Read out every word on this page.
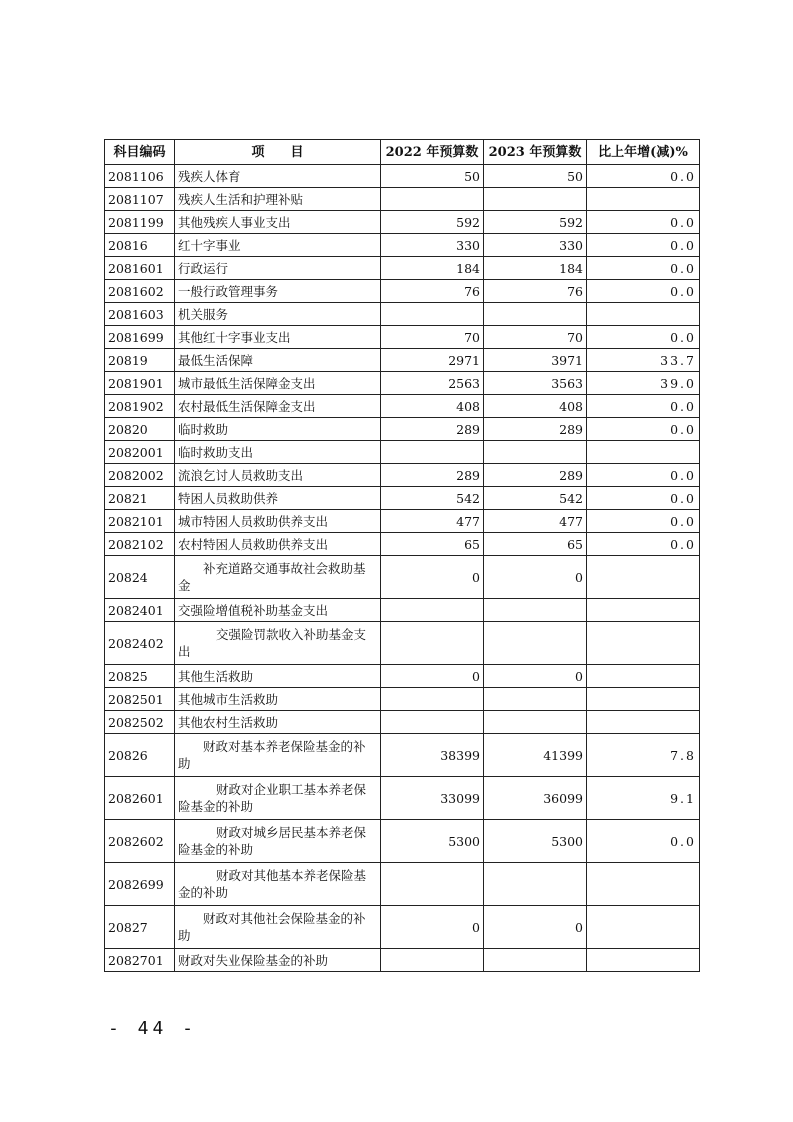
科目编码	项　　目	2022 年预算数	2023 年预算数	比上年增(减)%
2081106	残疾人体育	50	50	0.0
2081107	残疾人生活和护理补贴			
2081199	其他残疾人事业支出	592	592	0.0
20816	红十字事业	330	330	0.0
2081601	行政运行	184	184	0.0
2081602	一般行政管理事务	76	76	0.0
2081603	机关服务			
2081699	其他红十字事业支出	70	70	0.0
20819	最低生活保障	2971	3971	33.7
2081901	城市最低生活保障金支出	2563	3563	39.0
2081902	农村最低生活保障金支出	408	408	0.0
20820	临时救助	289	289	0.0
2082001	临时救助支出			
2082002	流浪乞讨人员救助支出	289	289	0.0
20821	特困人员救助供养	542	542	0.0
2082101	城市特困人员救助供养支出	477	477	0.0
2082102	农村特困人员救助供养支出	65	65	0.0
20824	补充道路交通事故社会救助基金	0	0	
2082401	交强险增值税补助基金支出			
2082402	交强险罚款收入补助基金支出			
20825	其他生活救助	0	0	
2082501	其他城市生活救助			
2082502	其他农村生活救助			
20826	财政对基本养老保险基金的补助	38399	41399	7.8
2082601	财政对企业职工基本养老保险基金的补助	33099	36099	9.1
2082602	财政对城乡居民基本养老保险基金的补助	5300	5300	0.0
2082699	财政对其他基本养老保险基金的补助			
20827	财政对其他社会保险基金的补助	0	0	
2082701	财政对失业保险基金的补助			
- 44 -
